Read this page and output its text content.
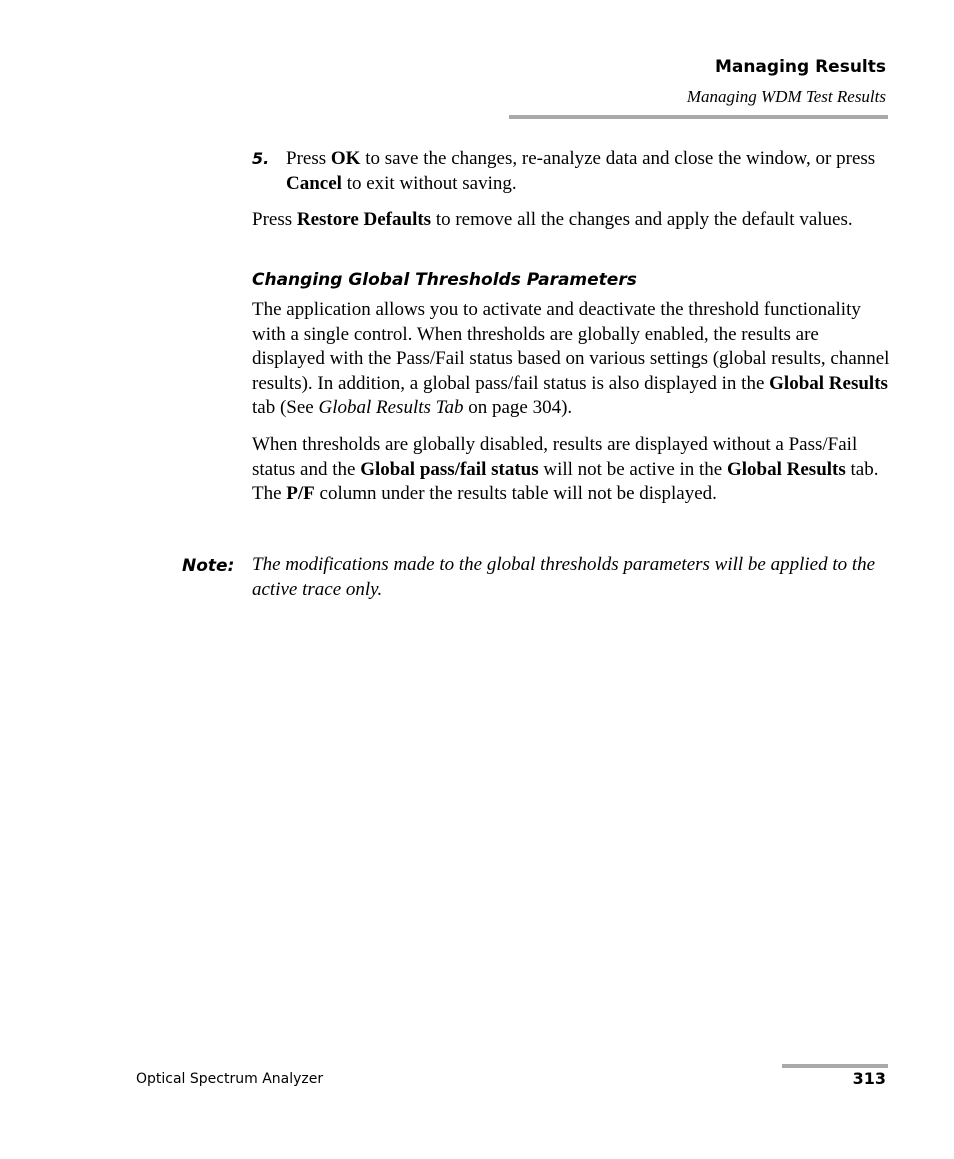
Managing Results
Managing WDM Test Results
5. Press OK to save the changes, re-analyze data and close the window, or press Cancel to exit without saving.

Press Restore Defaults to remove all the changes and apply the default values.

Changing Global Thresholds Parameters

The application allows you to activate and deactivate the threshold functionality with a single control. When thresholds are globally enabled, the results are displayed with the Pass/Fail status based on various settings (global results, channel results). In addition, a global pass/fail status is also displayed in the Global Results tab (See Global Results Tab on page 304).

When thresholds are globally disabled, results are displayed without a Pass/Fail status and the Global pass/fail status will not be active in the Global Results tab. The P/F column under the results table will not be displayed.

Note: The modifications made to the global thresholds parameters will be applied to the active trace only.
Optical Spectrum Analyzer	313
